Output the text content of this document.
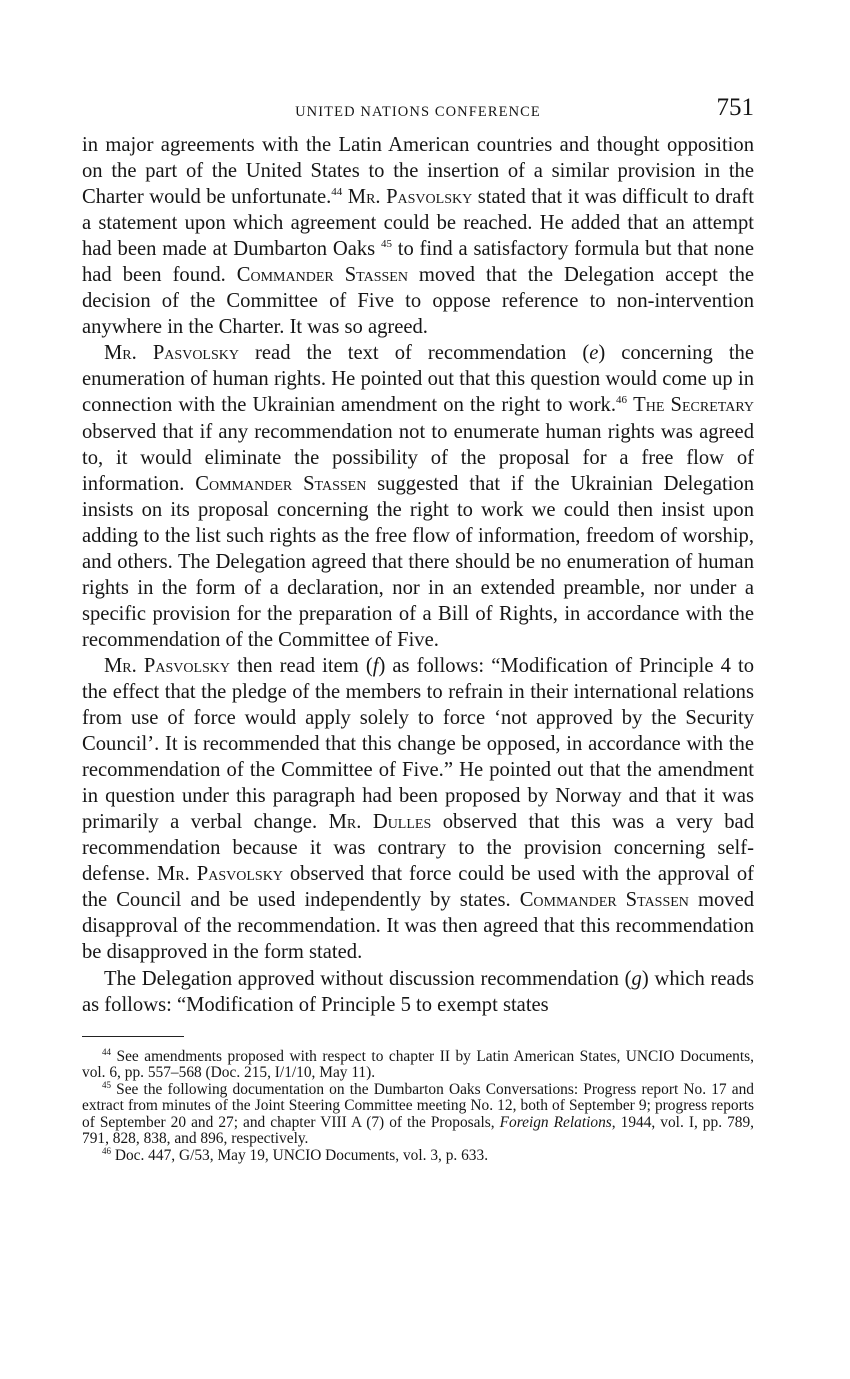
UNITED NATIONS CONFERENCE	751

in major agreements with the Latin American countries and thought opposition on the part of the United States to the insertion of a similar provision in the Charter would be unfortunate.$^{44}$ Mr. Pasvolsky stated that it was difficult to draft a statement upon which agreement could be reached. He added that an attempt had been made at Dumbarton Oaks $^{45}$ to find a satisfactory formula but that none had been found. Commander Stassen moved that the Delegation accept the decision of the Committee of Five to oppose reference to non-intervention anywhere in the Charter. It was so agreed.

Mr. Pasvolsky read the text of recommendation (e) concerning the enumeration of human rights. He pointed out that this question would come up in connection with the Ukrainian amendment on the right to work.$^{46}$ The Secretary observed that if any recommendation not to enumerate human rights was agreed to, it would eliminate the possibility of the proposal for a free flow of information. Commander Stassen suggested that if the Ukrainian Delegation insists on its proposal concerning the right to work we could then insist upon adding to the list such rights as the free flow of information, freedom of worship, and others. The Delegation agreed that there should be no enumeration of human rights in the form of a declaration, nor in an extended preamble, nor under a specific provision for the preparation of a Bill of Rights, in accordance with the recommendation of the Committee of Five.

Mr. Pasvolsky then read item (f) as follows: “Modification of Principle 4 to the effect that the pledge of the members to refrain in their international relations from use of force would apply solely to force ‘not approved by the Security Council’. It is recommended that this change be opposed, in accordance with the recommendation of the Committee of Five.” He pointed out that the amendment in question under this paragraph had been proposed by Norway and that it was primarily a verbal change. Mr. Dulles observed that this was a very bad recommendation because it was contrary to the provision concerning self-defense. Mr. Pasvolsky observed that force could be used with the approval of the Council and be used independently by states. Commander Stassen moved disapproval of the recommendation. It was then agreed that this recommendation be disapproved in the form stated.

The Delegation approved without discussion recommendation (g) which reads as follows: “Modification of Principle 5 to exempt states

$^{44}$ See amendments proposed with respect to chapter II by Latin American States, UNCIO Documents, vol. 6, pp. 557–568 (Doc. 215, I/1/10, May 11).

$^{45}$ See the following documentation on the Dumbarton Oaks Conversations: Progress report No. 17 and extract from minutes of the Joint Steering Committee meeting No. 12, both of September 9; progress reports of September 20 and 27; and chapter VIII A (7) of the Proposals, Foreign Relations, 1944, vol. I, pp. 789, 791, 828, 838, and 896, respectively.

$^{46}$ Doc. 447, G/53, May 19, UNCIO Documents, vol. 3, p. 633.
